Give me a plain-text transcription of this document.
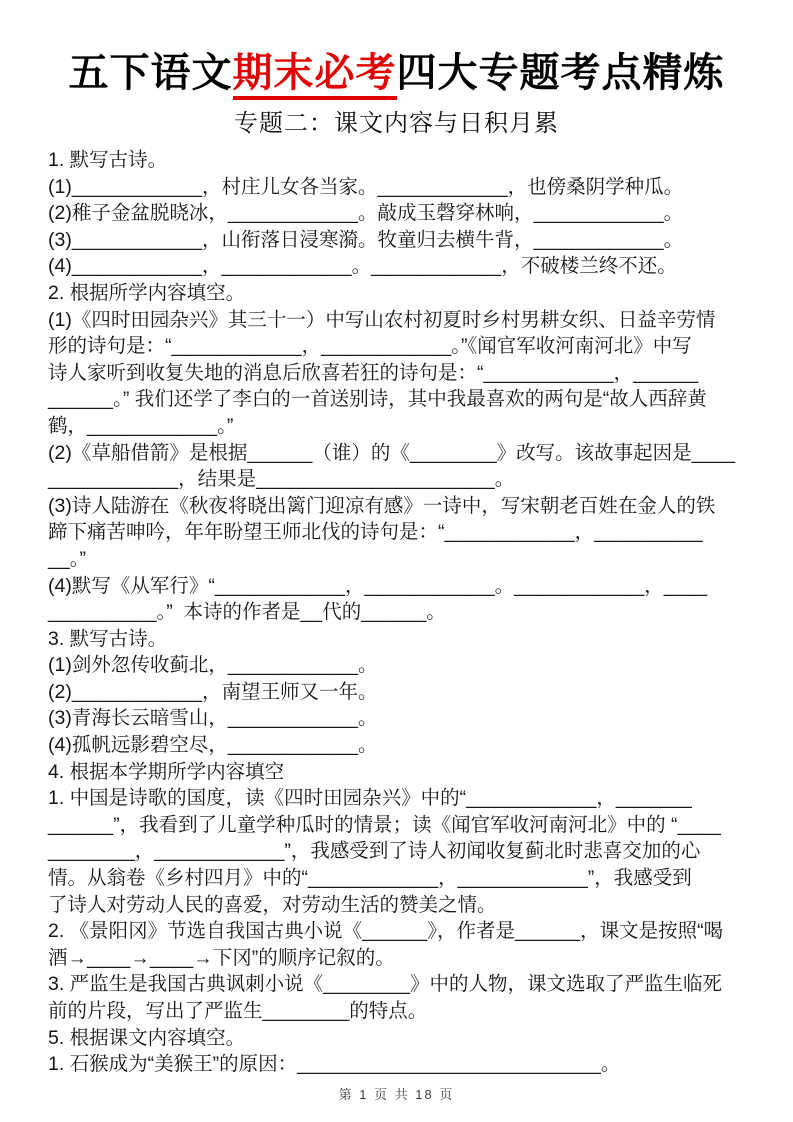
五下语文期末必考四大专题考点精炼
专题二：课文内容与日积月累
1. 默写古诗。
(1)____________，村庄儿女各当家。____________，也傍桑阴学种瓜。
(2)稚子金盆脱晓冰，____________。敲成玉磬穿林响，____________。
(3)____________，山衔落日浸寒漪。牧童归去横牛背，____________。
(4)____________，____________。____________，不破楼兰终不还。
2. 根据所学内容填空。
(1)《四时田园杂兴》其三十一）中写山农村初夏时乡村男耕女织、日益辛劳情
形的诗句是：“____________，____________。”《闻官军收河南河北》中写
诗人家听到收复失地的消息后欣喜若狂的诗句是：“____________，______
______。” 我们还学了李白的一首送别诗，其中我最喜欢的两句是“故人西辞黄
鹤，____________。”
(2)《草船借箭》是根据______（谁）的《________》改写。该故事起因是____
____________，结果是______________________。
(3)诗人陆游在《秋夜将晓出篱门迎凉有感》一诗中，写宋朝老百姓在金人的铁
蹄下痛苦呻吟，年年盼望王师北伐的诗句是：“____________，__________
__。”
(4)默写《从军行》“____________，____________。____________，____
__________。”  本诗的作者是__代的______。
3. 默写古诗。
(1)剑外忽传收蓟北，____________。
(2)____________，南望王师又一年。
(3)青海长云暗雪山，____________。
(4)孤帆远影碧空尽，____________。
4. 根据本学期所学内容填空
1. 中国是诗歌的国度，读《四时田园杂兴》中的“____________，_______
______”，我看到了儿童学种瓜时的情景；读《闻官军收河南河北》中的 “____
________，____________”，我感受到了诗人初闻收复蓟北时悲喜交加的心
情。从翁卷《乡村四月》中的“____________，____________”，我感受到
了诗人对劳动人民的喜爱，对劳动生活的赞美之情。
2. 《景阳冈》节选自我国古典小说《______》，作者是______，课文是按照“喝
酒→____→____→下冈”的顺序记叙的。
3. 严监生是我国古典讽刺小说《________》中的人物，课文选取了严监生临死
前的片段，写出了严监生________的特点。
5. 根据课文内容填空。
1. 石猴成为“美猴王”的原因：____________________________。
第 1 页 共 18 页
